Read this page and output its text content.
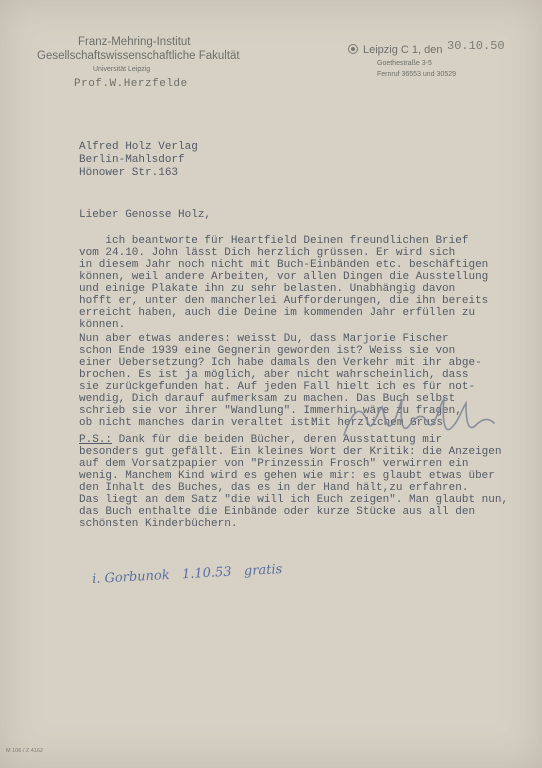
Franz-Mehring-Institut
Gesellschaftswissenschaftliche Fakultät
Universität Leipzig
Prof.W.Herzfelde
Leipzig C 1, den
Goethestraße 3-5
Fernruf 36553 und 30529
30.10.50
Alfred Holz Verlag
Berlin-Mahlsdorf
Hönower Str.163
Lieber Genosse Holz,
ich beantworte für Heartfield Deinen freundlichen Brief
vom 24.10. John lässt Dich herzlich grüssen. Er wird sich
in diesem Jahr noch nicht mit Buch-Einbänden etc. beschäftigen
können, weil andere Arbeiten, vor allen Dingen die Ausstellung
und einige Plakate ihn zu sehr belasten. Unabhängig davon
hofft er, unter den mancherlei Aufforderungen, die ihn bereits
erreicht haben, auch die Deine im kommenden Jahr erfüllen zu
können.
Nun aber etwas anderes: weisst Du, dass Marjorie Fischer
schon Ende 1939 eine Gegnerin geworden ist? Weiss sie von
einer Uebersetzung? Ich habe damals den Verkehr mit ihr abge-
brochen. Es ist ja möglich, aber nicht wahrscheinlich, dass
sie zurückgefunden hat. Auf jeden Fall hielt ich es für not-
wendig, Dich darauf aufmerksam zu machen. Das Buch selbst
schrieb sie vor ihrer "Wandlung". Immerhin wäre zu fragen,
ob nicht manches darin veraltet ist.
Mit herzlichem Gruss
P.S.: Dank für die beiden Bücher, deren Ausstattung mir
besonders gut gefällt. Ein kleines Wort der Kritik: die Anzeigen
auf dem Vorsatzpapier von "Prinzessin Frosch" verwirren ein
wenig. Manchem Kind wird es gehen wie mir: es glaubt etwas über
den Inhalt des Buches, das es in der Hand hält,zu erfahren.
Das liegt an dem Satz "die will ich Euch zeigen". Man glaubt nun,
das Buch enthalte die Einbände oder kurze Stücke aus all den
schönsten Kinderbüchern.
i. Gorbunok   1.10.53   gratis
M 106 / Z 4162
